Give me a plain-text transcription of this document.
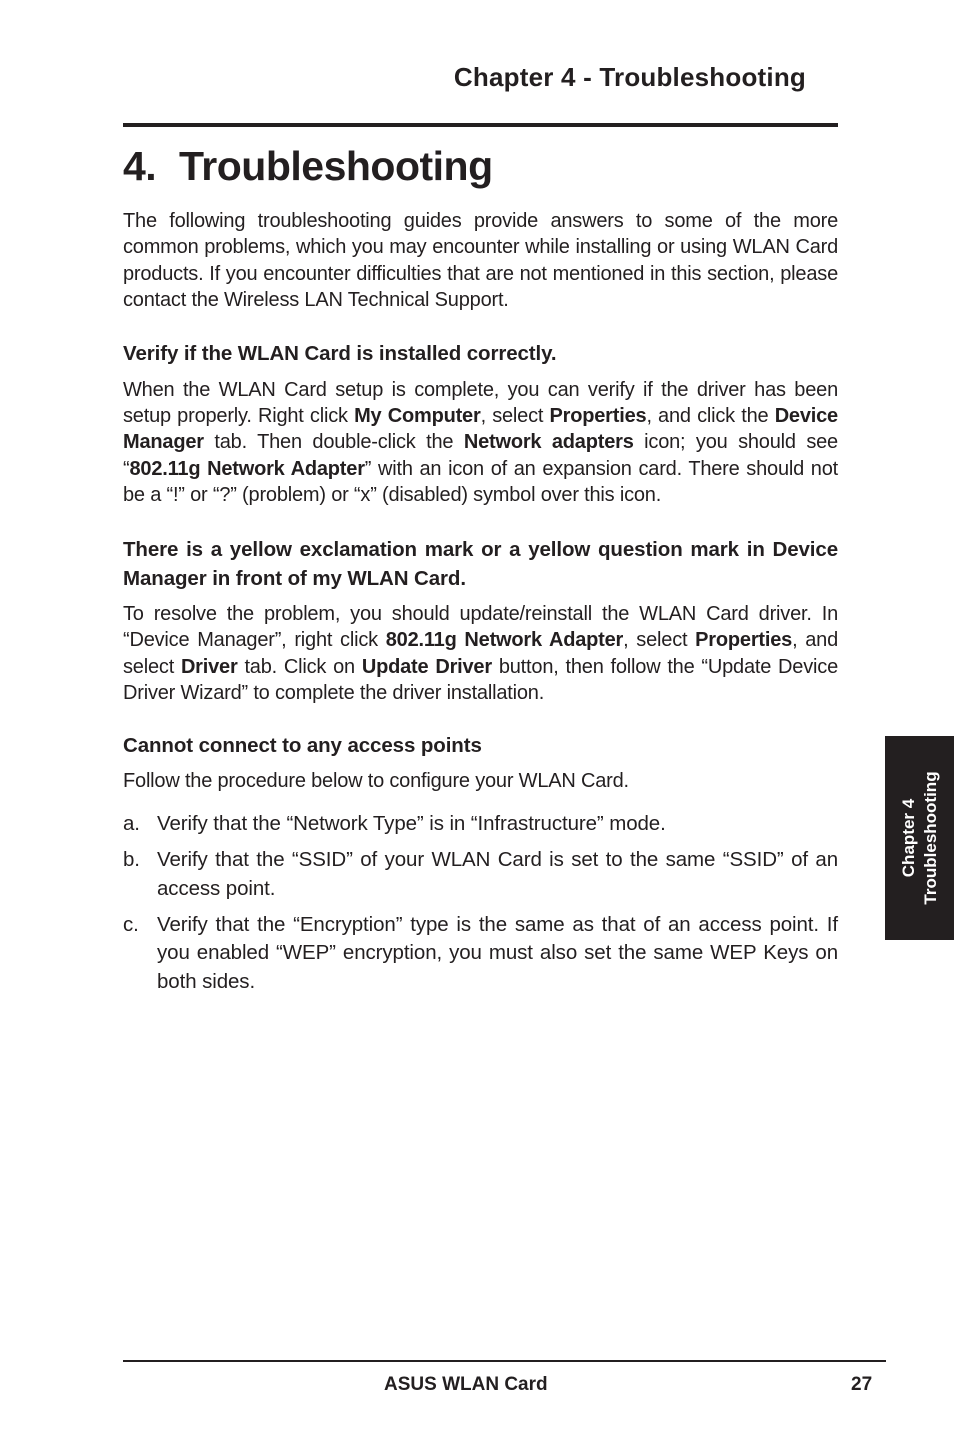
Chapter 4 - Troubleshooting
4. Troubleshooting

The following troubleshooting guides provide answers to some of the more common problems, which you may encounter while installing or using WLAN Card products. If you encounter difficulties that are not mentioned in this section, please contact the Wireless LAN Technical Support.

Verify if the WLAN Card is installed correctly.

When the WLAN Card setup is complete, you can verify if the driver has been setup properly. Right click My Computer, select Properties, and click the Device Manager tab. Then double-click the Network adapters icon; you should see “802.11g Network Adapter” with an icon of an expansion card. There should not be a “!” or “?” (problem) or “x” (disabled) symbol over this icon.

There is a yellow exclamation mark or a yellow question mark in Device Manager in front of my WLAN Card.

To resolve the problem, you should update/reinstall the WLAN Card driver. In “Device Manager”, right click 802.11g Network Adapter, select Properties, and select Driver tab. Click on Update Driver button, then follow the “Update Device Driver Wizard” to complete the driver installation.

Cannot connect to any access points

Follow the procedure below to configure your WLAN Card.

a. Verify that the “Network Type” is in “Infrastructure” mode.
b. Verify that the “SSID” of your WLAN Card is set to the same “SSID” of an access point.
c. Verify that the “Encryption” type is the same as that of an access point. If you enabled “WEP” encryption, you must also set the same WEP Keys on both sides.
Chapter 4 Troubleshooting
ASUS WLAN Card	27
